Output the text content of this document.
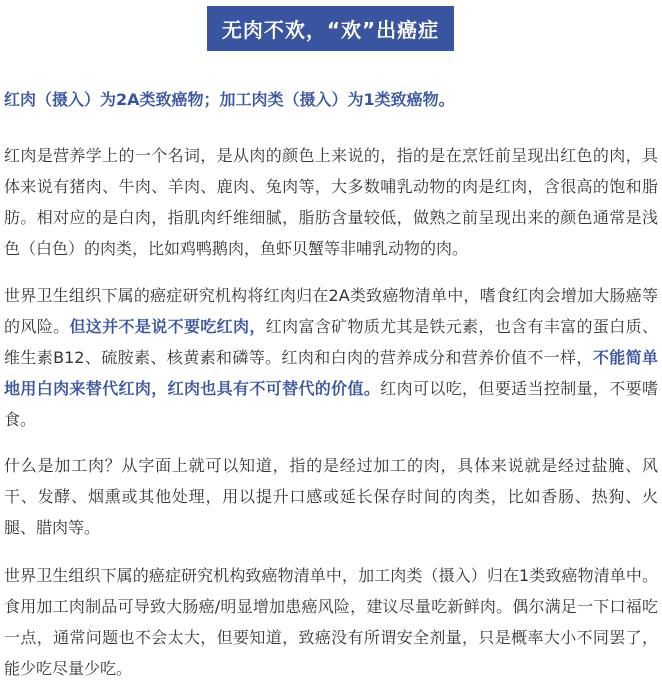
无肉不欢，“欢”出癌症
红肉（摄入）为2A类致癌物；加工肉类（摄入）为1类致癌物。

红肉是营养学上的一个名词，是从肉的颜色上来说的，指的是在烹饪前呈现出红色的肉，具体来说有猪肉、牛肉、羊肉、鹿肉、兔肉等，大多数哺乳动物的肉是红肉，含很高的饱和脂肪。相对应的是白肉，指肌肉纤维细腻，脂肪含量较低，做熟之前呈现出来的颜色通常是浅色（白色）的肉类，比如鸡鸭鹅肉，鱼虾贝蟹等非哺乳动物的肉。

世界卫生组织下属的癌症研究机构将红肉归在2A类致癌物清单中，嗜食红肉会增加大肠癌等的风险。但这并不是说不要吃红肉，红肉富含矿物质尤其是铁元素，也含有丰富的蛋白质、维生素B12、硫胺素、核黄素和磷等。红肉和白肉的营养成分和营养价值不一样，不能简单地用白肉来替代红肉，红肉也具有不可替代的价值。红肉可以吃，但要适当控制量，不要嗜食。

什么是加工肉？从字面上就可以知道，指的是经过加工的肉，具体来说就是经过盐腌、风干、发酵、烟熏或其他处理，用以提升口感或延长保存时间的肉类，比如香肠、热狗、火腿、腊肉等。

世界卫生组织下属的癌症研究机构致癌物清单中，加工肉类（摄入）归在1类致癌物清单中。食用加工肉制品可导致大肠癌/明显增加患癌风险，建议尽量吃新鲜肉。偶尔满足一下口福吃一点，通常问题也不会太大，但要知道，致癌没有所谓安全剂量，只是概率大小不同罢了，能少吃尽量少吃。
